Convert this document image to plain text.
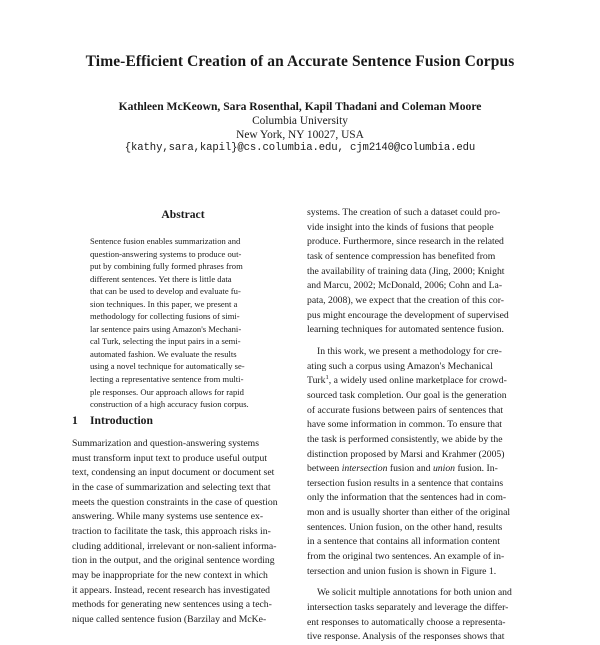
Time-Efficient Creation of an Accurate Sentence Fusion Corpus
Kathleen McKeown, Sara Rosenthal, Kapil Thadani and Coleman Moore
Columbia University
New York, NY 10027, USA
{kathy,sara,kapil}@cs.columbia.edu, cjm2140@columbia.edu
Abstract
Sentence fusion enables summarization and
question-answering systems to produce out-
put by combining fully formed phrases from
different sentences. Yet there is little data
that can be used to develop and evaluate fu-
sion techniques. In this paper, we present a
methodology for collecting fusions of simi-
lar sentence pairs using Amazon's Mechani-
cal Turk, selecting the input pairs in a semi-
automated fashion. We evaluate the results
using a novel technique for automatically se-
lecting a representative sentence from multi-
ple responses. Our approach allows for rapid
construction of a high accuracy fusion corpus.
1 Introduction
Summarization and question-answering systems
must transform input text to produce useful output
text, condensing an input document or document set
in the case of summarization and selecting text that
meets the question constraints in the case of question
answering. While many systems use sentence ex-
traction to facilitate the task, this approach risks in-
cluding additional, irrelevant or non-salient informa-
tion in the output, and the original sentence wording
may be inappropriate for the new context in which
it appears. Instead, recent research has investigated
methods for generating new sentences using a tech-
nique called sentence fusion (Barzilay and McKe-
systems. The creation of such a dataset could pro-
vide insight into the kinds of fusions that people
produce. Furthermore, since research in the related
task of sentence compression has benefited from
the availability of training data (Jing, 2000; Knight
and Marcu, 2002; McDonald, 2006; Cohn and La-
pata, 2008), we expect that the creation of this cor-
pus might encourage the development of supervised
learning techniques for automated sentence fusion.
In this work, we present a methodology for cre-
ating such a corpus using Amazon's Mechanical
Turk$^1$, a widely used online marketplace for crowd-
sourced task completion. Our goal is the generation
of accurate fusions between pairs of sentences that
have some information in common. To ensure that
the task is performed consistently, we abide by the
distinction proposed by Marsi and Krahmer (2005)
between intersection fusion and union fusion. In-
tersection fusion results in a sentence that contains
only the information that the sentences had in com-
mon and is usually shorter than either of the original
sentences. Union fusion, on the other hand, results
in a sentence that contains all information content
from the original two sentences. An example of in-
tersection and union fusion is shown in Figure 1.
We solicit multiple annotations for both union and
intersection tasks separately and leverage the differ-
ent responses to automatically choose a representa-
tive response. Analysis of the responses shows that
